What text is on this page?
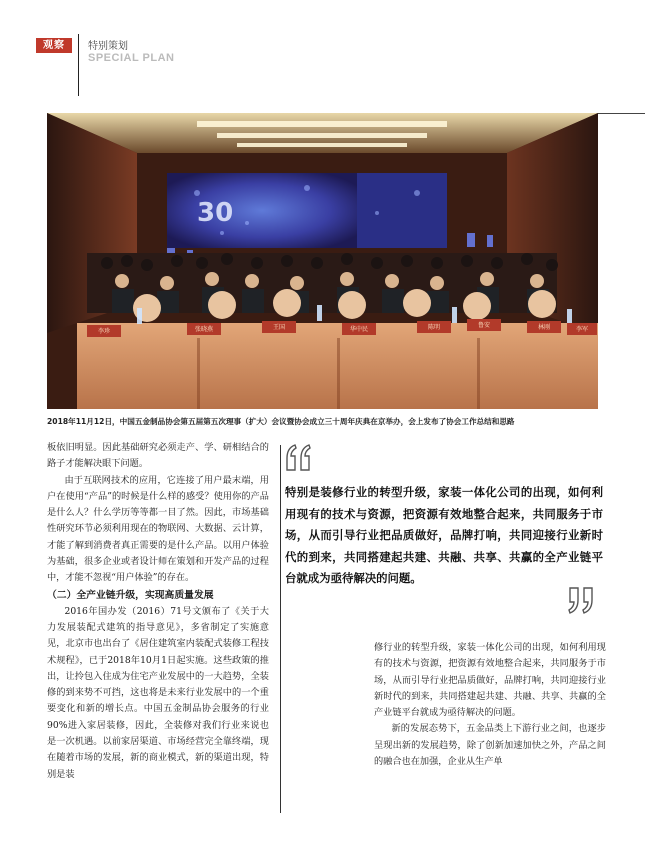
观察	特别策划
SPECIAL PLAN
30
李珍	张晓燕	王国	华中民	陈明	鲁安	林刚	李军
2018年11月12日，中国五金制品协会第五届第五次理事（扩大）会议暨协会成立三十周年庆典在京举办，会上发布了协会工作总结和思路

板依旧明显。因此基础研究必须走产、学、研相结合的路子才能解决眼下问题。

由于互联网技术的应用，它连接了用户最末端，用户在使用“产品”的时候是什么样的感受？使用你的产品是什么人？什么学历等等都一目了然。因此，市场基础性研究环节必须利用现在的物联网、大数据、云计算，才能了解到消费者真正需要的是什么产品。以用户体验为基础，很多企业或者设计师在策划和开发产品的过程中，才能不忽视“用户体验”的存在。

（二）全产业链升级，实现高质量发展

2016年国办发（2016）71号文颁布了《关于大力发展装配式建筑的指导意见》，多省制定了实施意见，北京市也出台了《居住建筑室内装配式装修工程技术规程》，已于2018年10月1日起实施。这些政策的推出，让拎包入住成为住宅产业发展中的一大趋势，全装修的到来势不可挡，这也将是未来行业发展中的一个重要变化和新的增长点。中国五金制品协会服务的行业90%进入家居装修，因此，全装修对我们行业来说也是一次机遇。以前家居渠道、市场经营完全靠终端，现在随着市场的发展，新的商业模式，新的渠道出现，特别是装

特别是装修行业的转型升级，家装一体化公司的出现，如何利用现有的技术与资源，把资源有效地整合起来，共同服务于市场，从而引导行业把品质做好，品牌打响，共同迎接行业新时代的到来，共同搭建起共建、共融、共享、共赢的全产业链平台就成为亟待解决的问题。

修行业的转型升级，家装一体化公司的出现，如何利用现有的技术与资源，把资源有效地整合起来，共同服务于市场，从而引导行业把品质做好，品牌打响，共同迎接行业新时代的到来，共同搭建起共建、共融、共享、共赢的全产业链平台就成为亟待解决的问题。

新的发展态势下，五金品类上下游行业之间，也逐步呈现出新的发展趋势，除了创新加速加快之外，产品之间的融合也在加强，企业从生产单
